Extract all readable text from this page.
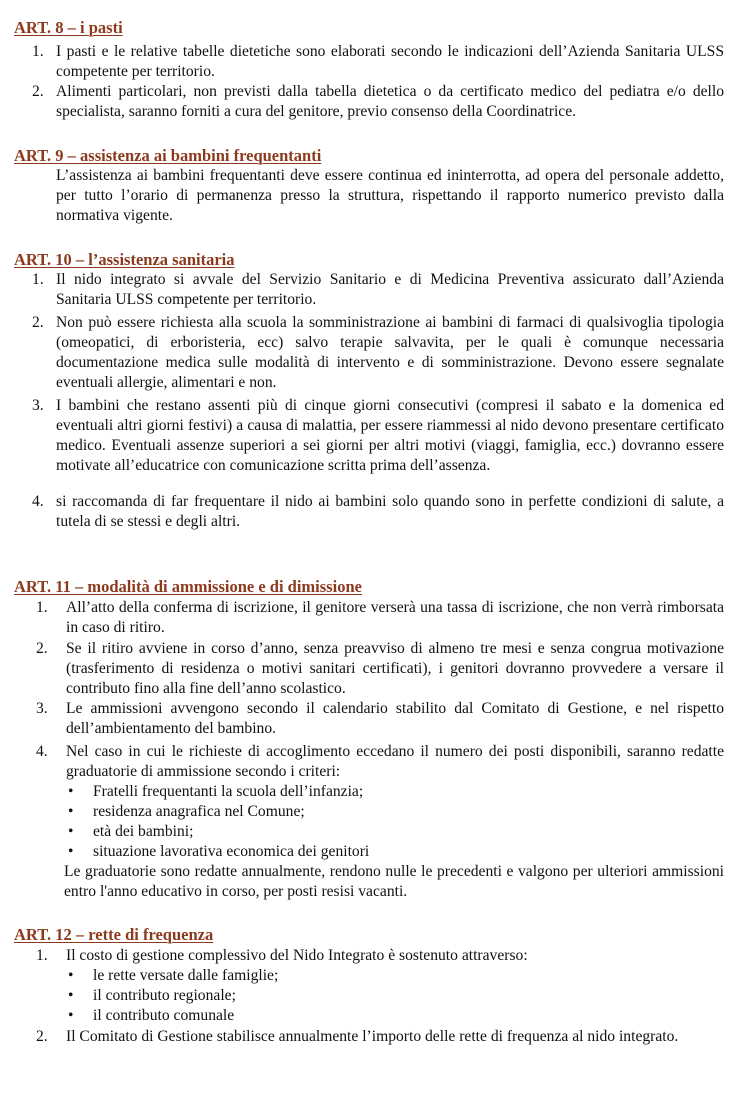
ART. 8 – i pasti
1. I pasti e le relative tabelle dietetiche sono elaborati secondo le indicazioni dell’Azienda Sanitaria ULSS competente per territorio.
2. Alimenti particolari, non previsti dalla tabella dietetica o da certificato medico del pediatra e/o dello specialista, saranno forniti a cura del genitore, previo consenso della Coordinatrice.
ART. 9 – assistenza ai bambini frequentanti

L’assistenza ai bambini frequentanti deve essere continua ed ininterrotta, ad opera del personale addetto, per tutto l’orario di permanenza presso la struttura, rispettando il rapporto numerico previsto dalla normativa vigente.

ART. 10 – l’assistenza sanitaria
1. Il nido integrato si avvale del Servizio Sanitario e di Medicina Preventiva assicurato dall’Azienda Sanitaria ULSS competente per territorio.
2. Non può essere richiesta alla scuola la somministrazione ai bambini di farmaci di qualsivoglia tipologia (omeopatici, di erboristeria, ecc) salvo terapie salvavita, per le quali è comunque necessaria documentazione medica sulle modalità di intervento e di somministrazione. Devono essere segnalate eventuali allergie, alimentari e non.
3. I bambini che restano assenti più di cinque giorni consecutivi (compresi il sabato e la domenica ed eventuali altri giorni festivi) a causa di malattia, per essere riammessi al nido devono presentare certificato medico. Eventuali assenze superiori a sei giorni per altri motivi (viaggi, famiglia, ecc.) dovranno essere motivate all’educatrice con comunicazione scritta prima dell’assenza.
4. si raccomanda di far frequentare il nido ai bambini solo quando sono in perfette condizioni di salute, a tutela di se stessi e degli altri.
ART. 11 – modalità di ammissione e di dimissione
1.	All’atto della conferma di iscrizione, il genitore verserà una tassa di iscrizione, che non verrà rimborsata in caso di ritiro.
2.	Se il ritiro avviene in corso d’anno, senza preavviso di almeno tre mesi e senza congrua motivazione (trasferimento di residenza o motivi sanitari certificati), i genitori dovranno provvedere a versare il contributo fino alla fine dell’anno scolastico.
3.	Le ammissioni avvengono secondo il calendario stabilito dal Comitato di Gestione, e nel rispetto dell’ambientamento del bambino.
4.	Nel caso in cui le richieste di accoglimento eccedano il numero dei posti disponibili, saranno redatte graduatorie di ammissione secondo i criteri:
• Fratelli frequentanti la scuola dell’infanzia;
• residenza anagrafica nel Comune;
• età dei bambini;
• situazione lavorativa economica dei genitori

Le graduatorie sono redatte annualmente, rendono nulle le precedenti e valgono per ulteriori ammissioni entro l'anno educativo in corso, per posti resisi vacanti.

ART. 12 – rette di frequenza
1.	Il costo di gestione complessivo del Nido Integrato è sostenuto attraverso:
• le rette versate dalle famiglie;
• il contributo regionale;
• il contributo comunale
2.	Il Comitato di Gestione stabilisce annualmente l’importo delle rette di frequenza al nido integrato.
